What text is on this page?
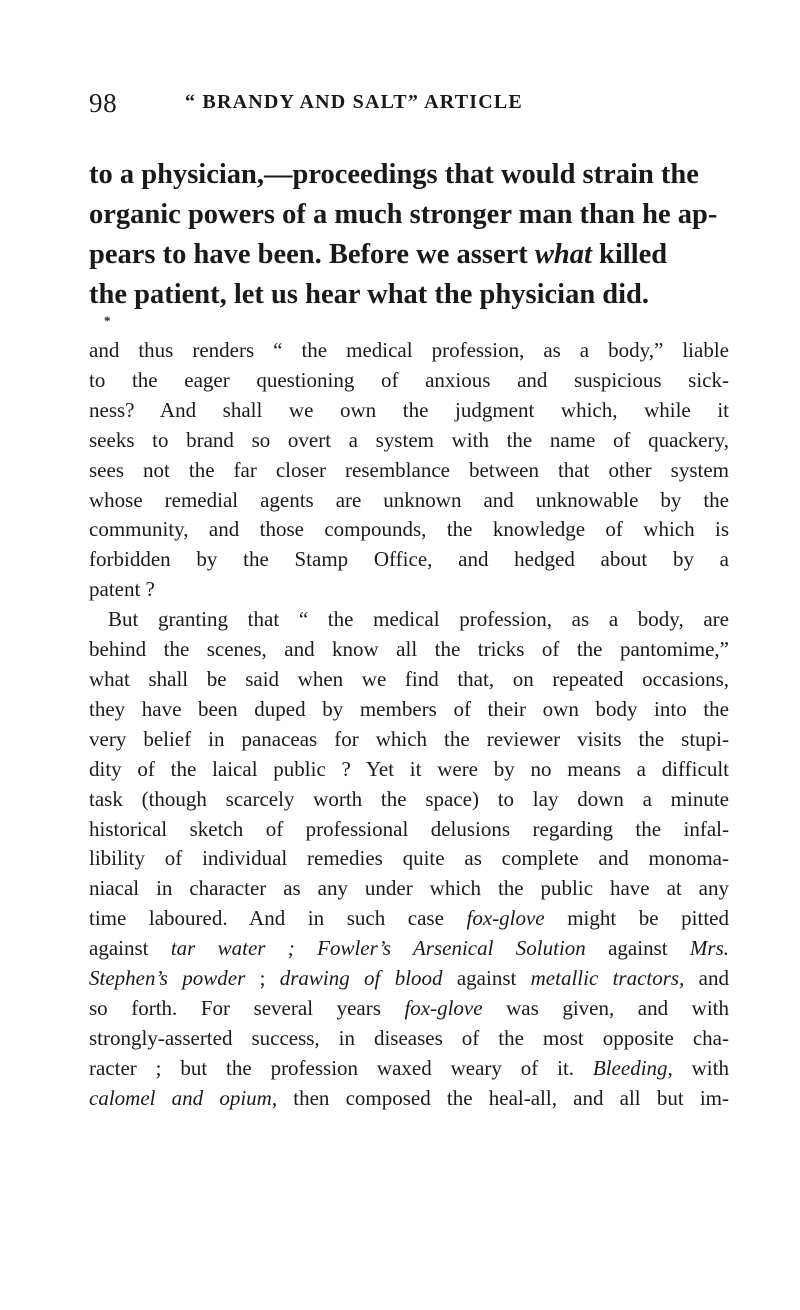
98	“ BRANDY AND SALT” ARTICLE
to a physician,—proceedings that would strain the
organic powers of a much stronger man than he ap-
pears to have been. Before we assert what killed
the patient, let us hear what the physician did.
*
and thus renders “ the medical profession, as a body,” liable
to the eager questioning of anxious and suspicious sick-
ness? And shall we own the judgment which, while it
seeks to brand so overt a system with the name of quackery,
sees not the far closer resemblance between that other system
whose remedial agents are unknown and unknowable by the
community, and those compounds, the knowledge of which is
forbidden by the Stamp Office, and hedged about by a
patent ?
But granting that “ the medical profession, as a body, are
behind the scenes, and know all the tricks of the pantomime,”
what shall be said when we find that, on repeated occasions,
they have been duped by members of their own body into the
very belief in panaceas for which the reviewer visits the stupi-
dity of the laical public ? Yet it were by no means a difficult
task (though scarcely worth the space) to lay down a minute
historical sketch of professional delusions regarding the infal-
libility of individual remedies quite as complete and monoma-
niacal in character as any under which the public have at any
time laboured. And in such case fox-glove might be pitted
against tar water ; Fowler’s Arsenical Solution against Mrs.
Stephen’s powder ; drawing of blood against metallic tractors, and
so forth. For several years fox-glove was given, and with
strongly-asserted success, in diseases of the most opposite cha-
racter ; but the profession waxed weary of it. Bleeding, with
calomel and opium, then composed the heal-all, and all but im-
